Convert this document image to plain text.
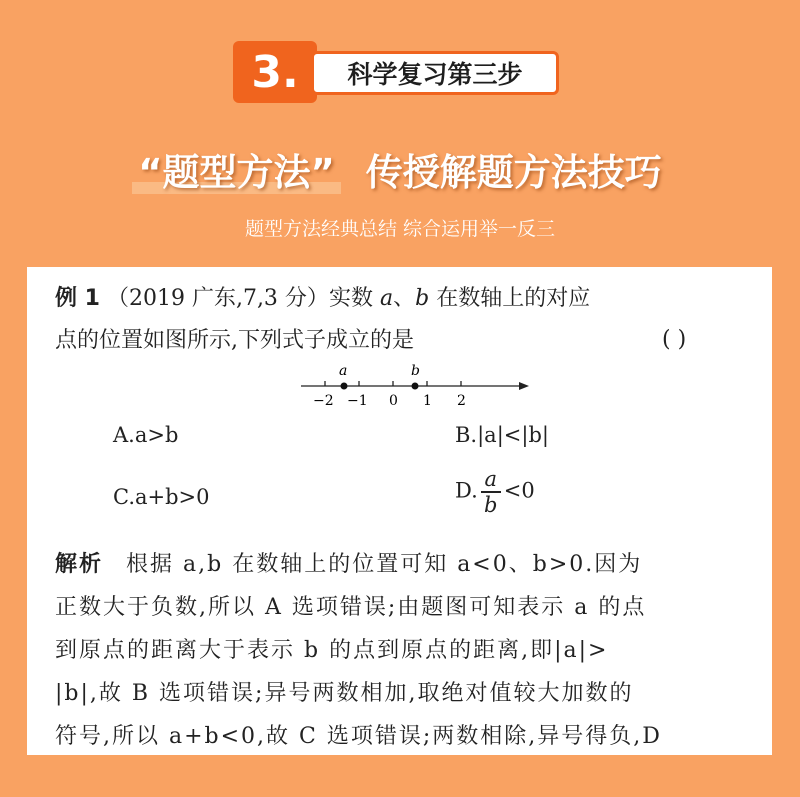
3.	科学复习第三步
“题型方法” 传授解题方法技巧
题型方法经典总结 综合运用举一反三
例 1 （2019 广东,7,3 分）实数 a、b 在数轴上的对应
点的位置如图所示,下列式子成立的是	( )
a	b
−2 −1 0 1 2
A.a>b	B.|a|<|b|
C.a+b>0	D. $\frac{a}{b} <0$
解析 根据 a,b 在数轴上的位置可知 a<0、b>0.因为
正数大于负数,所以 A 选项错误;由题图可知表示 a 的点
到原点的距离大于表示 b 的点到原点的距离,即|a|>
|b|,故 B 选项错误;异号两数相加,取绝对值较大加数的
符号,所以 a+b<0,故 C 选项错误;两数相除,异号得负,D
